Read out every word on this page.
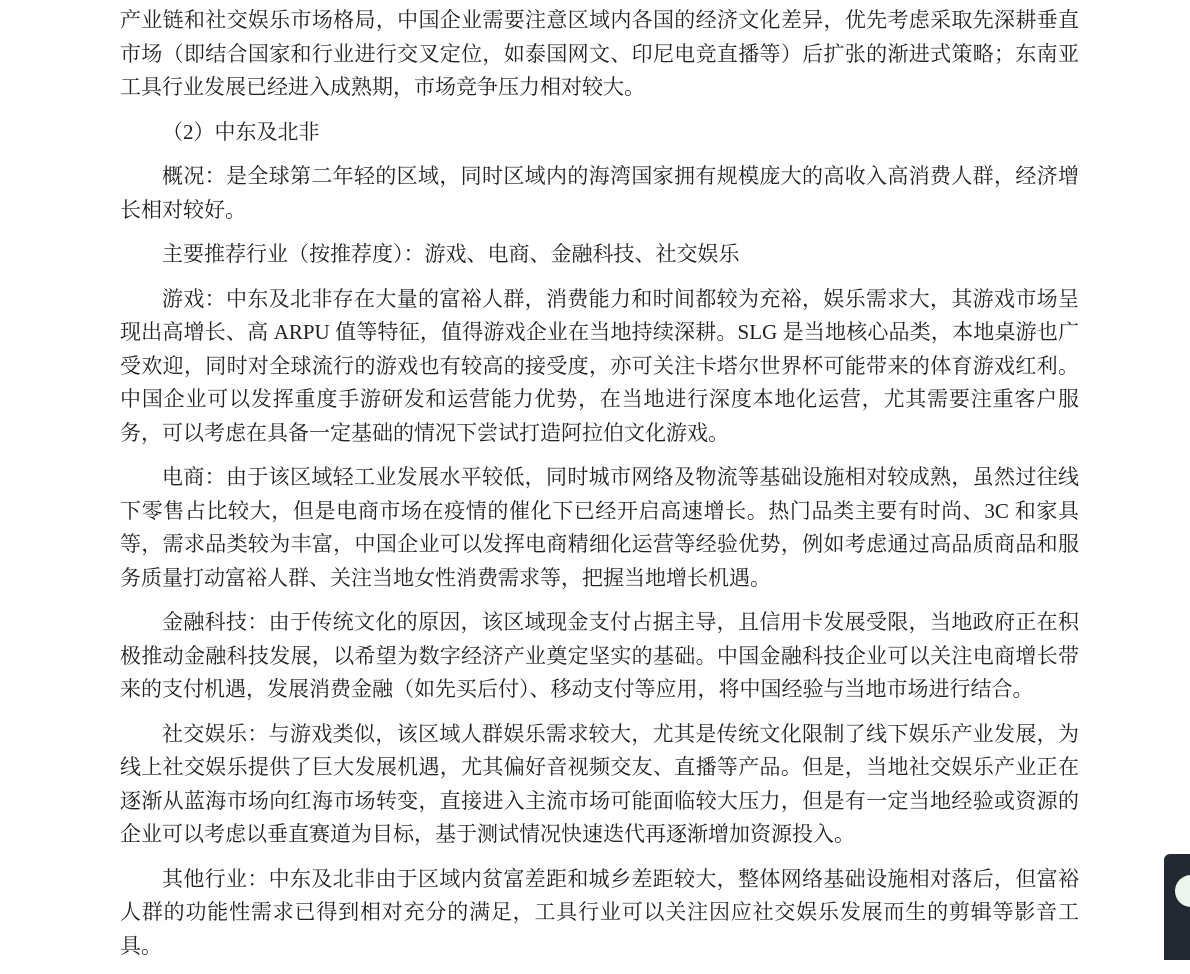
产业链和社交娱乐市场格局，中国企业需要注意区域内各国的经济文化差异，优先考虑采取先深耕垂直市场（即结合国家和行业进行交叉定位，如泰国网文、印尼电竞直播等）后扩张的渐进式策略；东南亚工具行业发展已经进入成熟期，市场竞争压力相对较大。

（2）中东及北非

概况：是全球第二年轻的区域，同时区域内的海湾国家拥有规模庞大的高收入高消费人群，经济增长相对较好。

主要推荐行业（按推荐度）：游戏、电商、金融科技、社交娱乐

游戏：中东及北非存在大量的富裕人群，消费能力和时间都较为充裕，娱乐需求大，其游戏市场呈现出高增长、高 ARPU 值等特征，值得游戏企业在当地持续深耕。SLG 是当地核心品类，本地桌游也广受欢迎，同时对全球流行的游戏也有较高的接受度，亦可关注卡塔尔世界杯可能带来的体育游戏红利。中国企业可以发挥重度手游研发和运营能力优势，在当地进行深度本地化运营，尤其需要注重客户服务，可以考虑在具备一定基础的情况下尝试打造阿拉伯文化游戏。

电商：由于该区域轻工业发展水平较低，同时城市网络及物流等基础设施相对较成熟，虽然过往线下零售占比较大，但是电商市场在疫情的催化下已经开启高速增长。热门品类主要有时尚、3C 和家具等，需求品类较为丰富，中国企业可以发挥电商精细化运营等经验优势，例如考虑通过高品质商品和服务质量打动富裕人群、关注当地女性消费需求等，把握当地增长机遇。

金融科技：由于传统文化的原因，该区域现金支付占据主导，且信用卡发展受限，当地政府正在积极推动金融科技发展，以希望为数字经济产业奠定坚实的基础。中国金融科技企业可以关注电商增长带来的支付机遇，发展消费金融（如先买后付）、移动支付等应用，将中国经验与当地市场进行结合。

社交娱乐：与游戏类似，该区域人群娱乐需求较大，尤其是传统文化限制了线下娱乐产业发展，为线上社交娱乐提供了巨大发展机遇，尤其偏好音视频交友、直播等产品。但是，当地社交娱乐产业正在逐渐从蓝海市场向红海市场转变，直接进入主流市场可能面临较大压力，但是有一定当地经验或资源的企业可以考虑以垂直赛道为目标，基于测试情况快速迭代再逐渐增加资源投入。

其他行业：中东及北非由于区域内贫富差距和城乡差距较大，整体网络基础设施相对落后，但富裕人群的功能性需求已得到相对充分的满足，工具行业可以关注因应社交娱乐发展而生的剪辑等影音工具。
